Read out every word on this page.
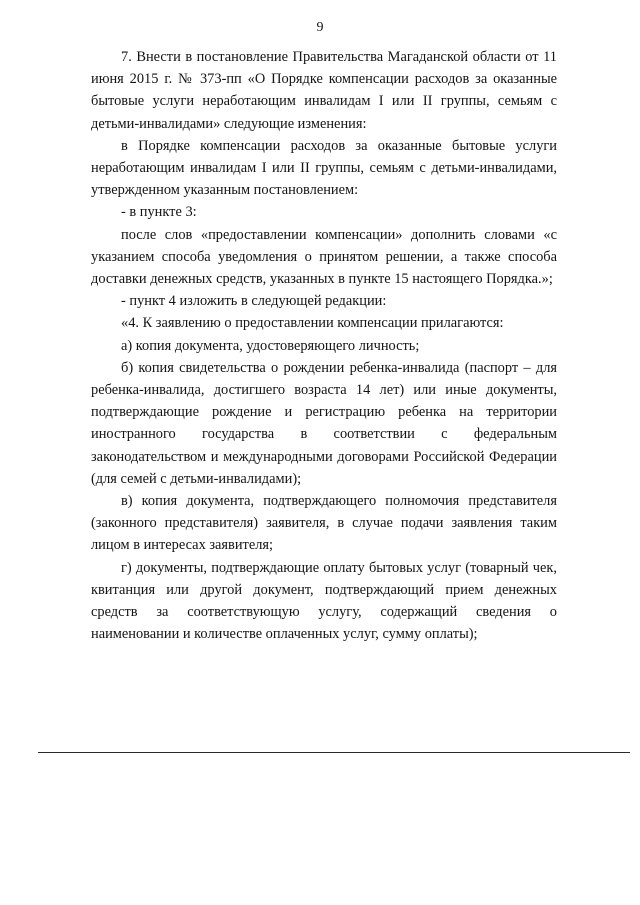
9

7. Внести в постановление Правительства Магаданской области от 11 июня 2015 г. № 373-пп «О Порядке компенсации расходов за оказанные бытовые услуги неработающим инвалидам I или II группы, семьям с детьми-инвалидами» следующие изменения:

в Порядке компенсации расходов за оказанные бытовые услуги неработающим инвалидам I или II группы, семьям с детьми-инвалидами, утвержденном указанным постановлением:

- в пункте 3:

после слов «предоставлении компенсации» дополнить словами «с указанием способа уведомления о принятом решении, а также способа доставки денежных средств, указанных в пункте 15 настоящего Порядка.»;

- пункт 4 изложить в следующей редакции:

«4. К заявлению о предоставлении компенсации прилагаются:

а) копия документа, удостоверяющего личность;

б) копия свидетельства о рождении ребенка-инвалида (паспорт – для ребенка-инвалида, достигшего возраста 14 лет) или иные документы, подтверждающие рождение и регистрацию ребенка на территории иностранного государства в соответствии с федеральным законодательством и международными договорами Российской Федерации (для семей с детьми-инвалидами);

в) копия документа, подтверждающего полномочия представителя (законного представителя) заявителя, в случае подачи заявления таким лицом в интересах заявителя;

г) документы, подтверждающие оплату бытовых услуг (товарный чек, квитанция или другой документ, подтверждающий прием денежных средств за соответствующую услугу, содержащий сведения о наименовании и количестве оплаченных услуг, сумму оплаты);
